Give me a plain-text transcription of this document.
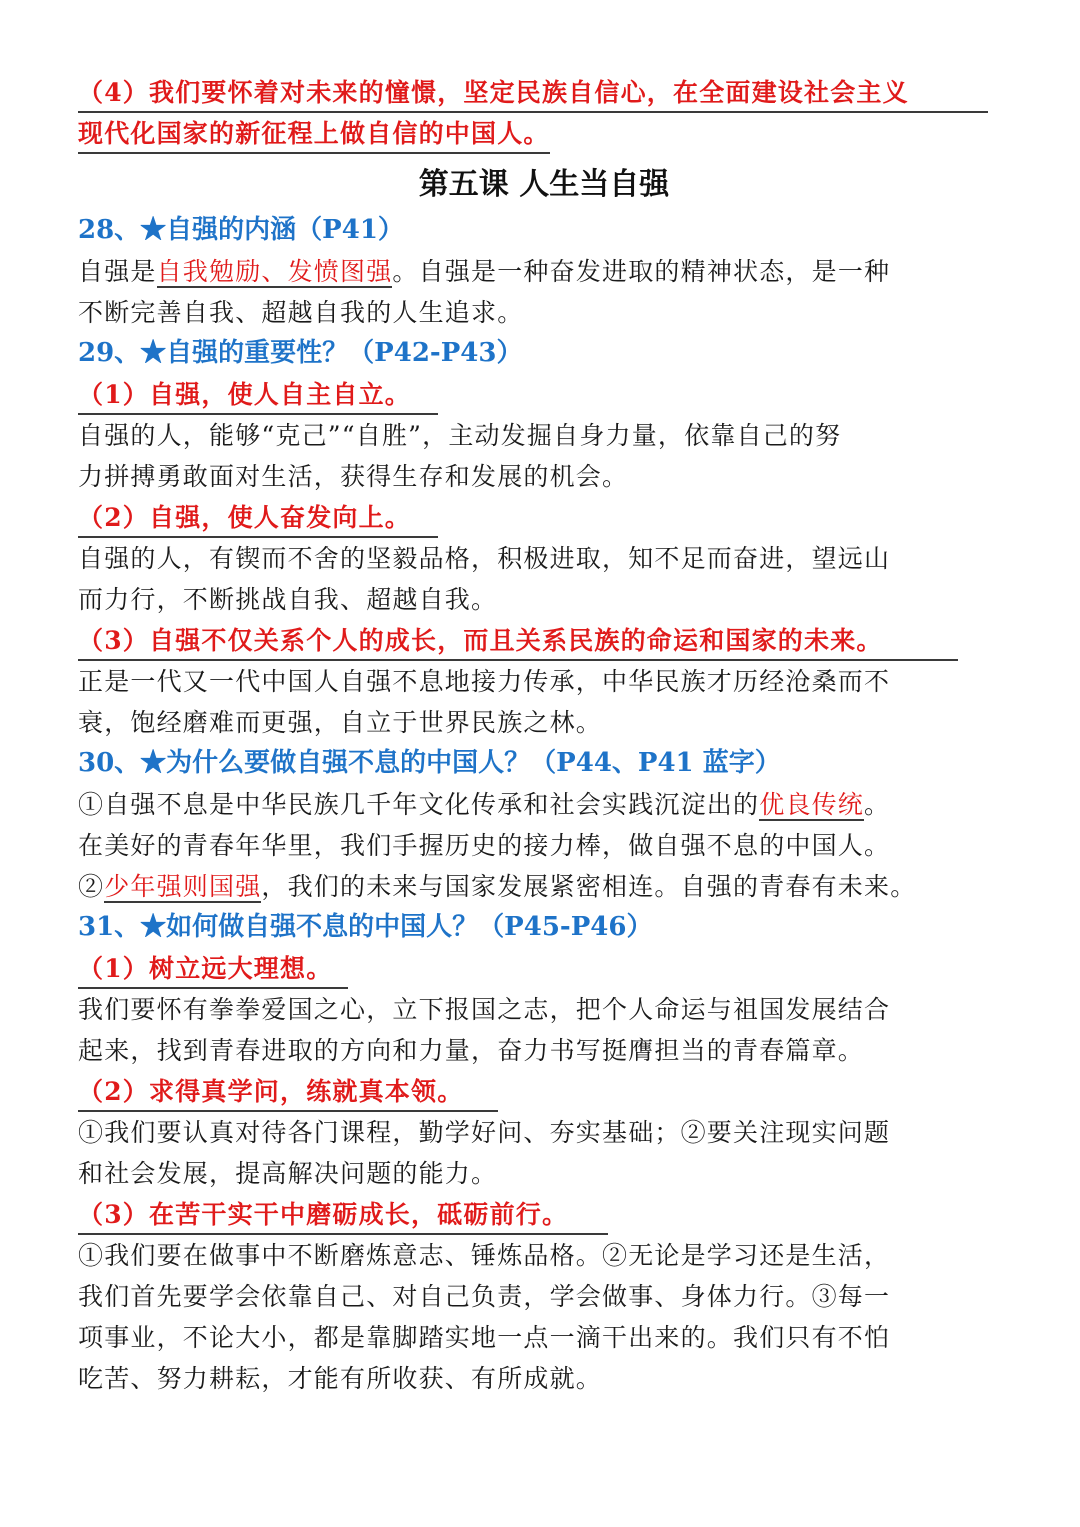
（4）我们要怀着对未来的憧憬，坚定民族自信心，在全面建设社会主义

现代化国家的新征程上做自信的中国人。

第五课 人生当自强

28、★自强的内涵（P41）

自强是自我勉励、发愤图强。自强是一种奋发进取的精神状态，是一种

不断完善自我、超越自我的人生追求。

29、★自强的重要性？（P42-P43）

（1）自强，使人自主自立。

自强的人，能够“克己”“自胜”，主动发掘自身力量，依靠自己的努

力拼搏勇敢面对生活，获得生存和发展的机会。

（2）自强，使人奋发向上。

自强的人，有锲而不舍的坚毅品格，积极进取，知不足而奋进，望远山

而力行，不断挑战自我、超越自我。

（3）自强不仅关系个人的成长，而且关系民族的命运和国家的未来。

正是一代又一代中国人自强不息地接力传承，中华民族才历经沧桑而不

衰，饱经磨难而更强，自立于世界民族之林。

30、★为什么要做自强不息的中国人？（P44、P41 蓝字）

①自强不息是中华民族几千年文化传承和社会实践沉淀出的优良传统。

在美好的青春年华里，我们手握历史的接力棒，做自强不息的中国人。

②少年强则国强，我们的未来与国家发展紧密相连。自强的青春有未来。

31、★如何做自强不息的中国人？（P45-P46）

（1）树立远大理想。

我们要怀有拳拳爱国之心，立下报国之志，把个人命运与祖国发展结合

起来，找到青春进取的方向和力量，奋力书写挺膺担当的青春篇章。

（2）求得真学问，练就真本领。

①我们要认真对待各门课程，勤学好问、夯实基础；②要关注现实问题

和社会发展，提高解决问题的能力。

（3）在苦干实干中磨砺成长，砥砺前行。

①我们要在做事中不断磨炼意志、锤炼品格。②无论是学习还是生活，

我们首先要学会依靠自己、对自己负责，学会做事、身体力行。③每一

项事业，不论大小，都是靠脚踏实地一点一滴干出来的。我们只有不怕

吃苦、努力耕耘，才能有所收获、有所成就。
